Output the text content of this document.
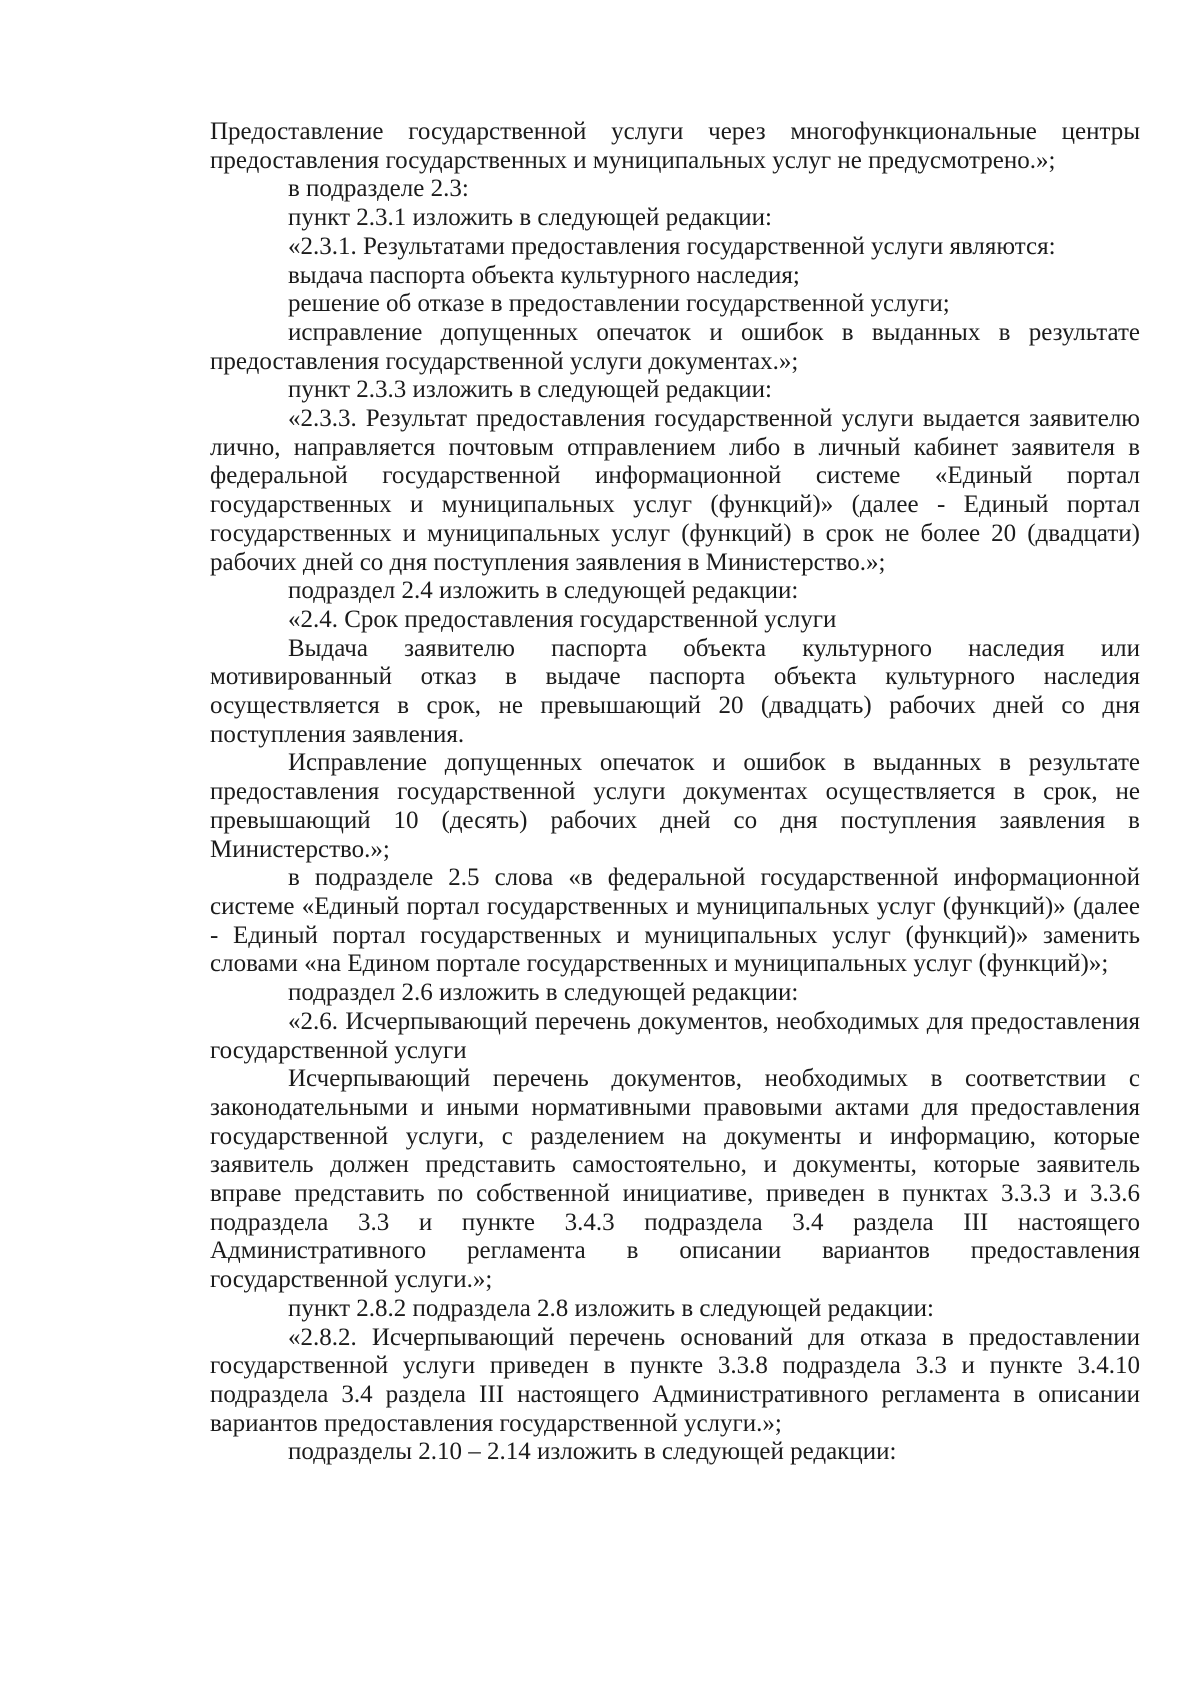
Предоставление государственной услуги через многофункциональные центры предоставления государственных и муниципальных услуг не предусмотрено.»;

в подразделе 2.3:

пункт 2.3.1 изложить в следующей редакции:

«2.3.1. Результатами предоставления государственной услуги являются:

выдача паспорта объекта культурного наследия;

решение об отказе в предоставлении государственной услуги;

исправление допущенных опечаток и ошибок в выданных в результате предоставления государственной услуги документах.»;

пункт 2.3.3 изложить в следующей редакции:

«2.3.3. Результат предоставления государственной услуги выдается заявителю лично, направляется почтовым отправлением либо в личный кабинет заявителя в федеральной государственной информационной системе «Единый портал государственных и муниципальных услуг (функций)» (далее - Единый портал государственных и муниципальных услуг (функций) в срок не более 20 (двадцати) рабочих дней со дня поступления заявления в Министерство.»;

подраздел 2.4 изложить в следующей редакции:

«2.4. Срок предоставления государственной услуги

Выдача заявителю паспорта объекта культурного наследия или мотивированный отказ в выдаче паспорта объекта культурного наследия осуществляется в срок, не превышающий 20 (двадцать) рабочих дней со дня поступления заявления.

Исправление допущенных опечаток и ошибок в выданных в результате предоставления государственной услуги документах осуществляется в срок, не превышающий 10 (десять) рабочих дней со дня поступления заявления в Министерство.»;

в подразделе 2.5 слова «в федеральной государственной информационной системе «Единый портал государственных и муниципальных услуг (функций)» (далее - Единый портал государственных и муниципальных услуг (функций)» заменить словами «на Едином портале государственных и муниципальных услуг (функций)»;

подраздел 2.6 изложить в следующей редакции:

«2.6. Исчерпывающий перечень документов, необходимых для предоставления государственной услуги

Исчерпывающий перечень документов, необходимых в соответствии с законодательными и иными нормативными правовыми актами для предоставления государственной услуги, с разделением на документы и информацию, которые заявитель должен представить самостоятельно, и документы, которые заявитель вправе представить по собственной инициативе, приведен в пунктах 3.3.3 и 3.3.6 подраздела 3.3 и пункте 3.4.3 подраздела 3.4 раздела III настоящего Административного регламента в описании вариантов предоставления государственной услуги.»;

пункт 2.8.2 подраздела 2.8 изложить в следующей редакции:

«2.8.2. Исчерпывающий перечень оснований для отказа в предоставлении государственной услуги приведен в пункте 3.3.8 подраздела 3.3 и пункте 3.4.10 подраздела 3.4 раздела III настоящего Административного регламента в описании вариантов предоставления государственной услуги.»;

подразделы 2.10 – 2.14 изложить в следующей редакции:
